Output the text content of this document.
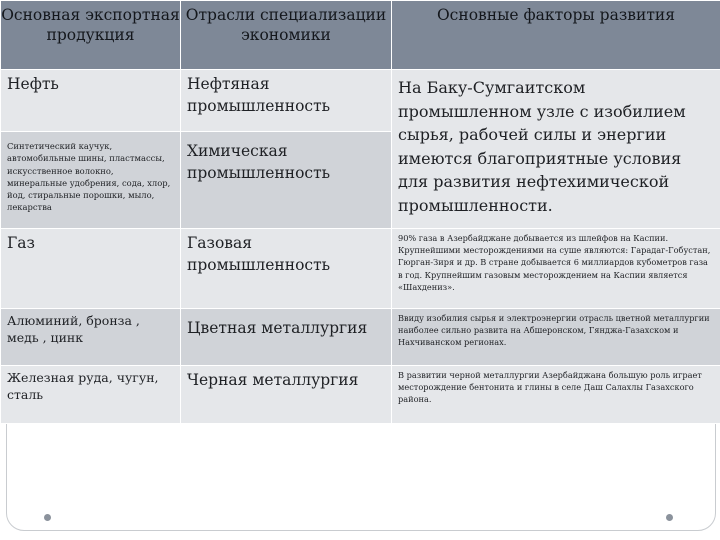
Основная экспортная продукция	Отрасли специализации экономики	Основные факторы развития

Нефть	Нефтяная промышленность	На Баку-Сумгаитском промышленном узле с изобилием сырья, рабочей силы и энергии имеются благоприятные условия для развития нефтехимической промышленности.

Синтетический каучук, автомобильные шины, пластмассы, искусственное волокно, минеральные удобрения, сода, хлор, йод, стиральные порошки, мыло, лекарства	Химическая промышленность	

Газ	Газовая промышленность	90% газа в Азербайджане добывается из шлейфов на Каспии. Крупнейшими месторождениями на суше являются: Гарадаг-Гобустан, Гюрган-Зиря и др. В стране добывается 6 миллиардов кубометров газа в год. Крупнейшим газовым месторождением на Каспии является «Шахдениз».

Алюминий, бронза , медь , цинк	Цветная металлургия	Ввиду изобилия сырья и электроэнергии отрасль цветной металлургии наиболее сильно развита на Абшеронском, Гянджа-Газахском и Нахчиванском регионах.

Железная руда, чугун, сталь	Черная металлургия	В развитии черной металлургии Азербайджана большую роль играет месторождение бентонита и глины в селе Даш Салахлы Газахского района.
